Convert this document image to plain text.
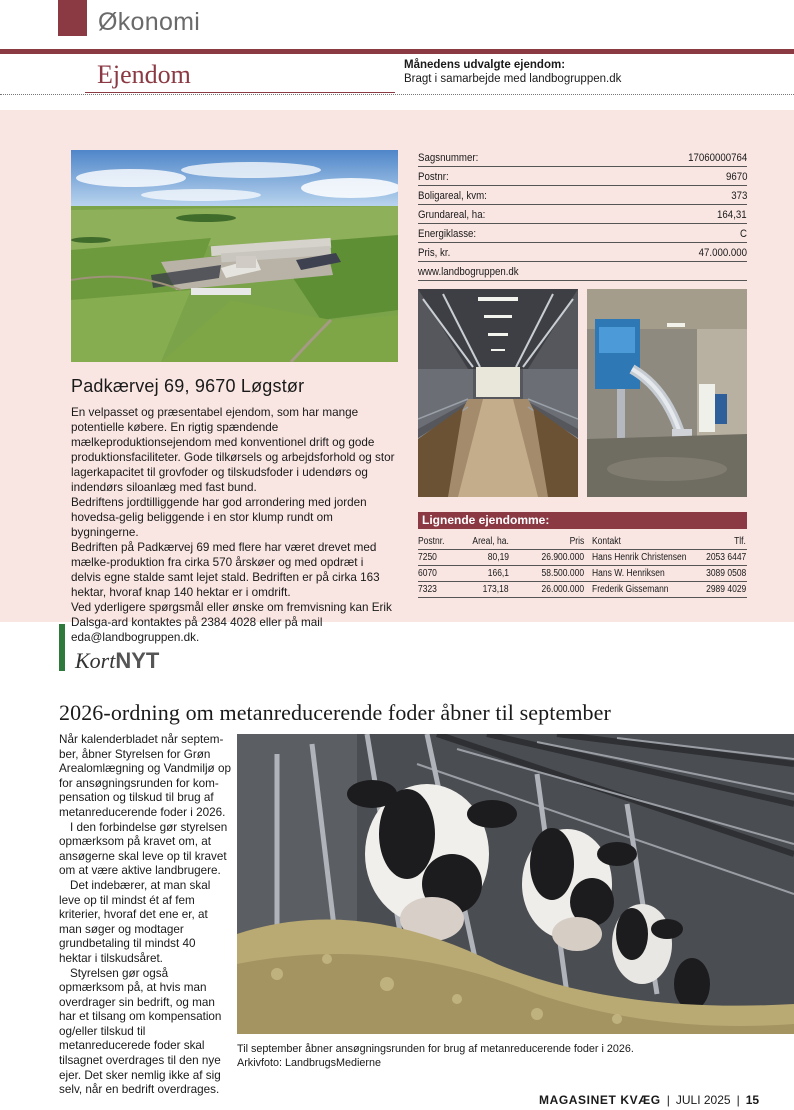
Økonomi
Ejendom	Månedens udvalgte ejendom:
Bragt i samarbejde med landbogruppen.dk
Padkærvej 69, 9670 Løgstør

En velpasset og præsentabel ejendom, som har mange potentielle købere. En rigtig spændende mælkeproduktionsejendom med konventionel drift og gode produktionsfaciliteter. Gode tilkørsels og arbejdsforhold og stor lagerkapacitet til grovfoder og tilskudsfoder i udendørs og indendørs siloanlæg med fast bund.

Bedriftens jordtilliggende har god arrondering med jorden hovedsa-gelig beliggende i en stor klump rundt om bygningerne.

Bedriften på Padkærvej 69 med flere har været drevet med mælke-produktion fra cirka 570 årskøer og med opdræt i delvis egne stalde samt lejet stald. Bedriften er på cirka 163 hektar, hvoraf knap 140 hektar er i omdrift.

Ved yderligere spørgsmål eller ønske om fremvisning kan Erik Dalsga-ard kontaktes på 2384 4028 eller på mail eda@landbogruppen.dk.

Sagsnummer:	17060000764
Postnr:	9670
Boligareal, kvm:	373
Grundareal, ha:	164,31
Energiklasse:	C
Pris, kr.	47.000.000
www.landbogruppen.dk
Lignende ejendomme:
Postnr.	Areal, ha.	Pris Kontakt	Tlf.
7250	80,19	26.900.000 Hans Henrik Christensen 2053 6447
6070	166,1	58.500.000 Hans W. Henriksen	3089 0508
7323	173,18	26.000.000 Frederik Gissemann	2989 4029
KortNYT
2026-ordning om metanreducerende foder åbner til september

Når kalenderbladet når septem-ber, åbner Styrelsen for Grøn Arealomlægning og Vandmiljø op for ansøgningsrunden for kom-pensation og tilskud til brug af metanreducerende foder i 2026.

I den forbindelse gør styrelsen opmærksom på kravet om, at ansøgerne skal leve op til kravet om at være aktive landbrugere.

Det indebærer, at man skal leve op til mindst ét af fem kriterier, hvoraf det ene er, at man søger og modtager grundbetaling til mindst 40 hektar i tilskudsåret.

Styrelsen gør også opmærksom på, at hvis man overdrager sin bedrift, og man har et tilsang om kompensation og/eller tilskud til metanreducerede foder skal tilsagnet overdrages til den nye ejer. Det sker nemlig ikke af sig selv, når en bedrift overdrages.

Til september åbner ansøgningsrunden for brug af metanreducerende foder i 2026. Arkivfoto: LandbrugsMedierne
MAGASINET KVÆG | JULI 2025 | 15
